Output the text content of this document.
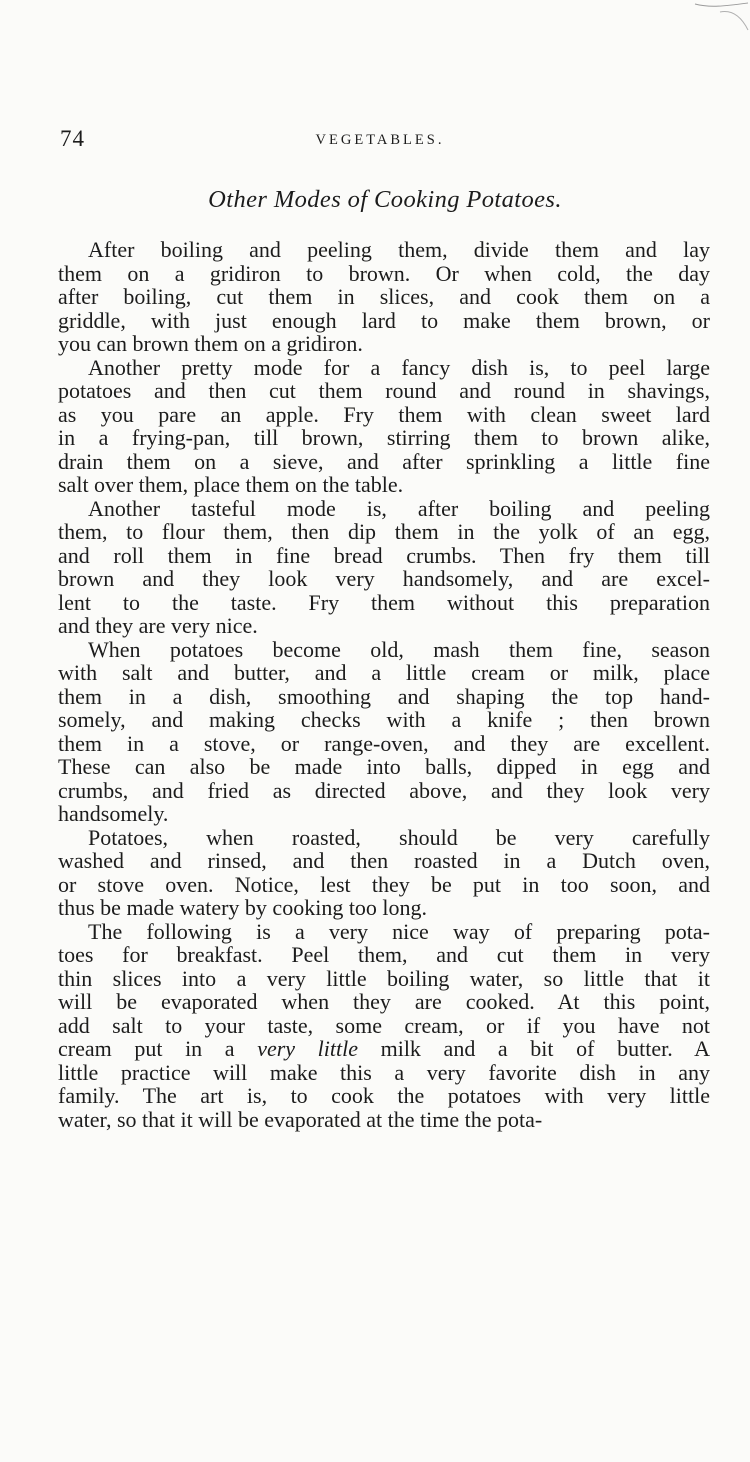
74	VEGETABLES.
Other Modes of Cooking Potatoes.
After boiling and peeling them, divide them and lay
them on a gridiron to brown. Or when cold, the day
after boiling, cut them in slices, and cook them on a
griddle, with just enough lard to make them brown, or
you can brown them on a gridiron.
Another pretty mode for a fancy dish is, to peel large
potatoes and then cut them round and round in shavings,
as you pare an apple. Fry them with clean sweet lard
in a frying-pan, till brown, stirring them to brown alike,
drain them on a sieve, and after sprinkling a little fine
salt over them, place them on the table.
Another tasteful mode is, after boiling and peeling
them, to flour them, then dip them in the yolk of an egg,
and roll them in fine bread crumbs. Then fry them till
brown and they look very handsomely, and are excel-
lent to the taste. Fry them without this preparation
and they are very nice.
When potatoes become old, mash them fine, season
with salt and butter, and a little cream or milk, place
them in a dish, smoothing and shaping the top hand-
somely, and making checks with a knife ; then brown
them in a stove, or range-oven, and they are excellent.
These can also be made into balls, dipped in egg and
crumbs, and fried as directed above, and they look very
handsomely.
Potatoes, when roasted, should be very carefully
washed and rinsed, and then roasted in a Dutch oven,
or stove oven. Notice, lest they be put in too soon, and
thus be made watery by cooking too long.
The following is a very nice way of preparing pota-
toes for breakfast. Peel them, and cut them in very
thin slices into a very little boiling water, so little that it
will be evaporated when they are cooked. At this point,
add salt to your taste, some cream, or if you have not
cream put in a very little milk and a bit of butter. A
little practice will make this a very favorite dish in any
family. The art is, to cook the potatoes with very little
water, so that it will be evaporated at the time the pota-
